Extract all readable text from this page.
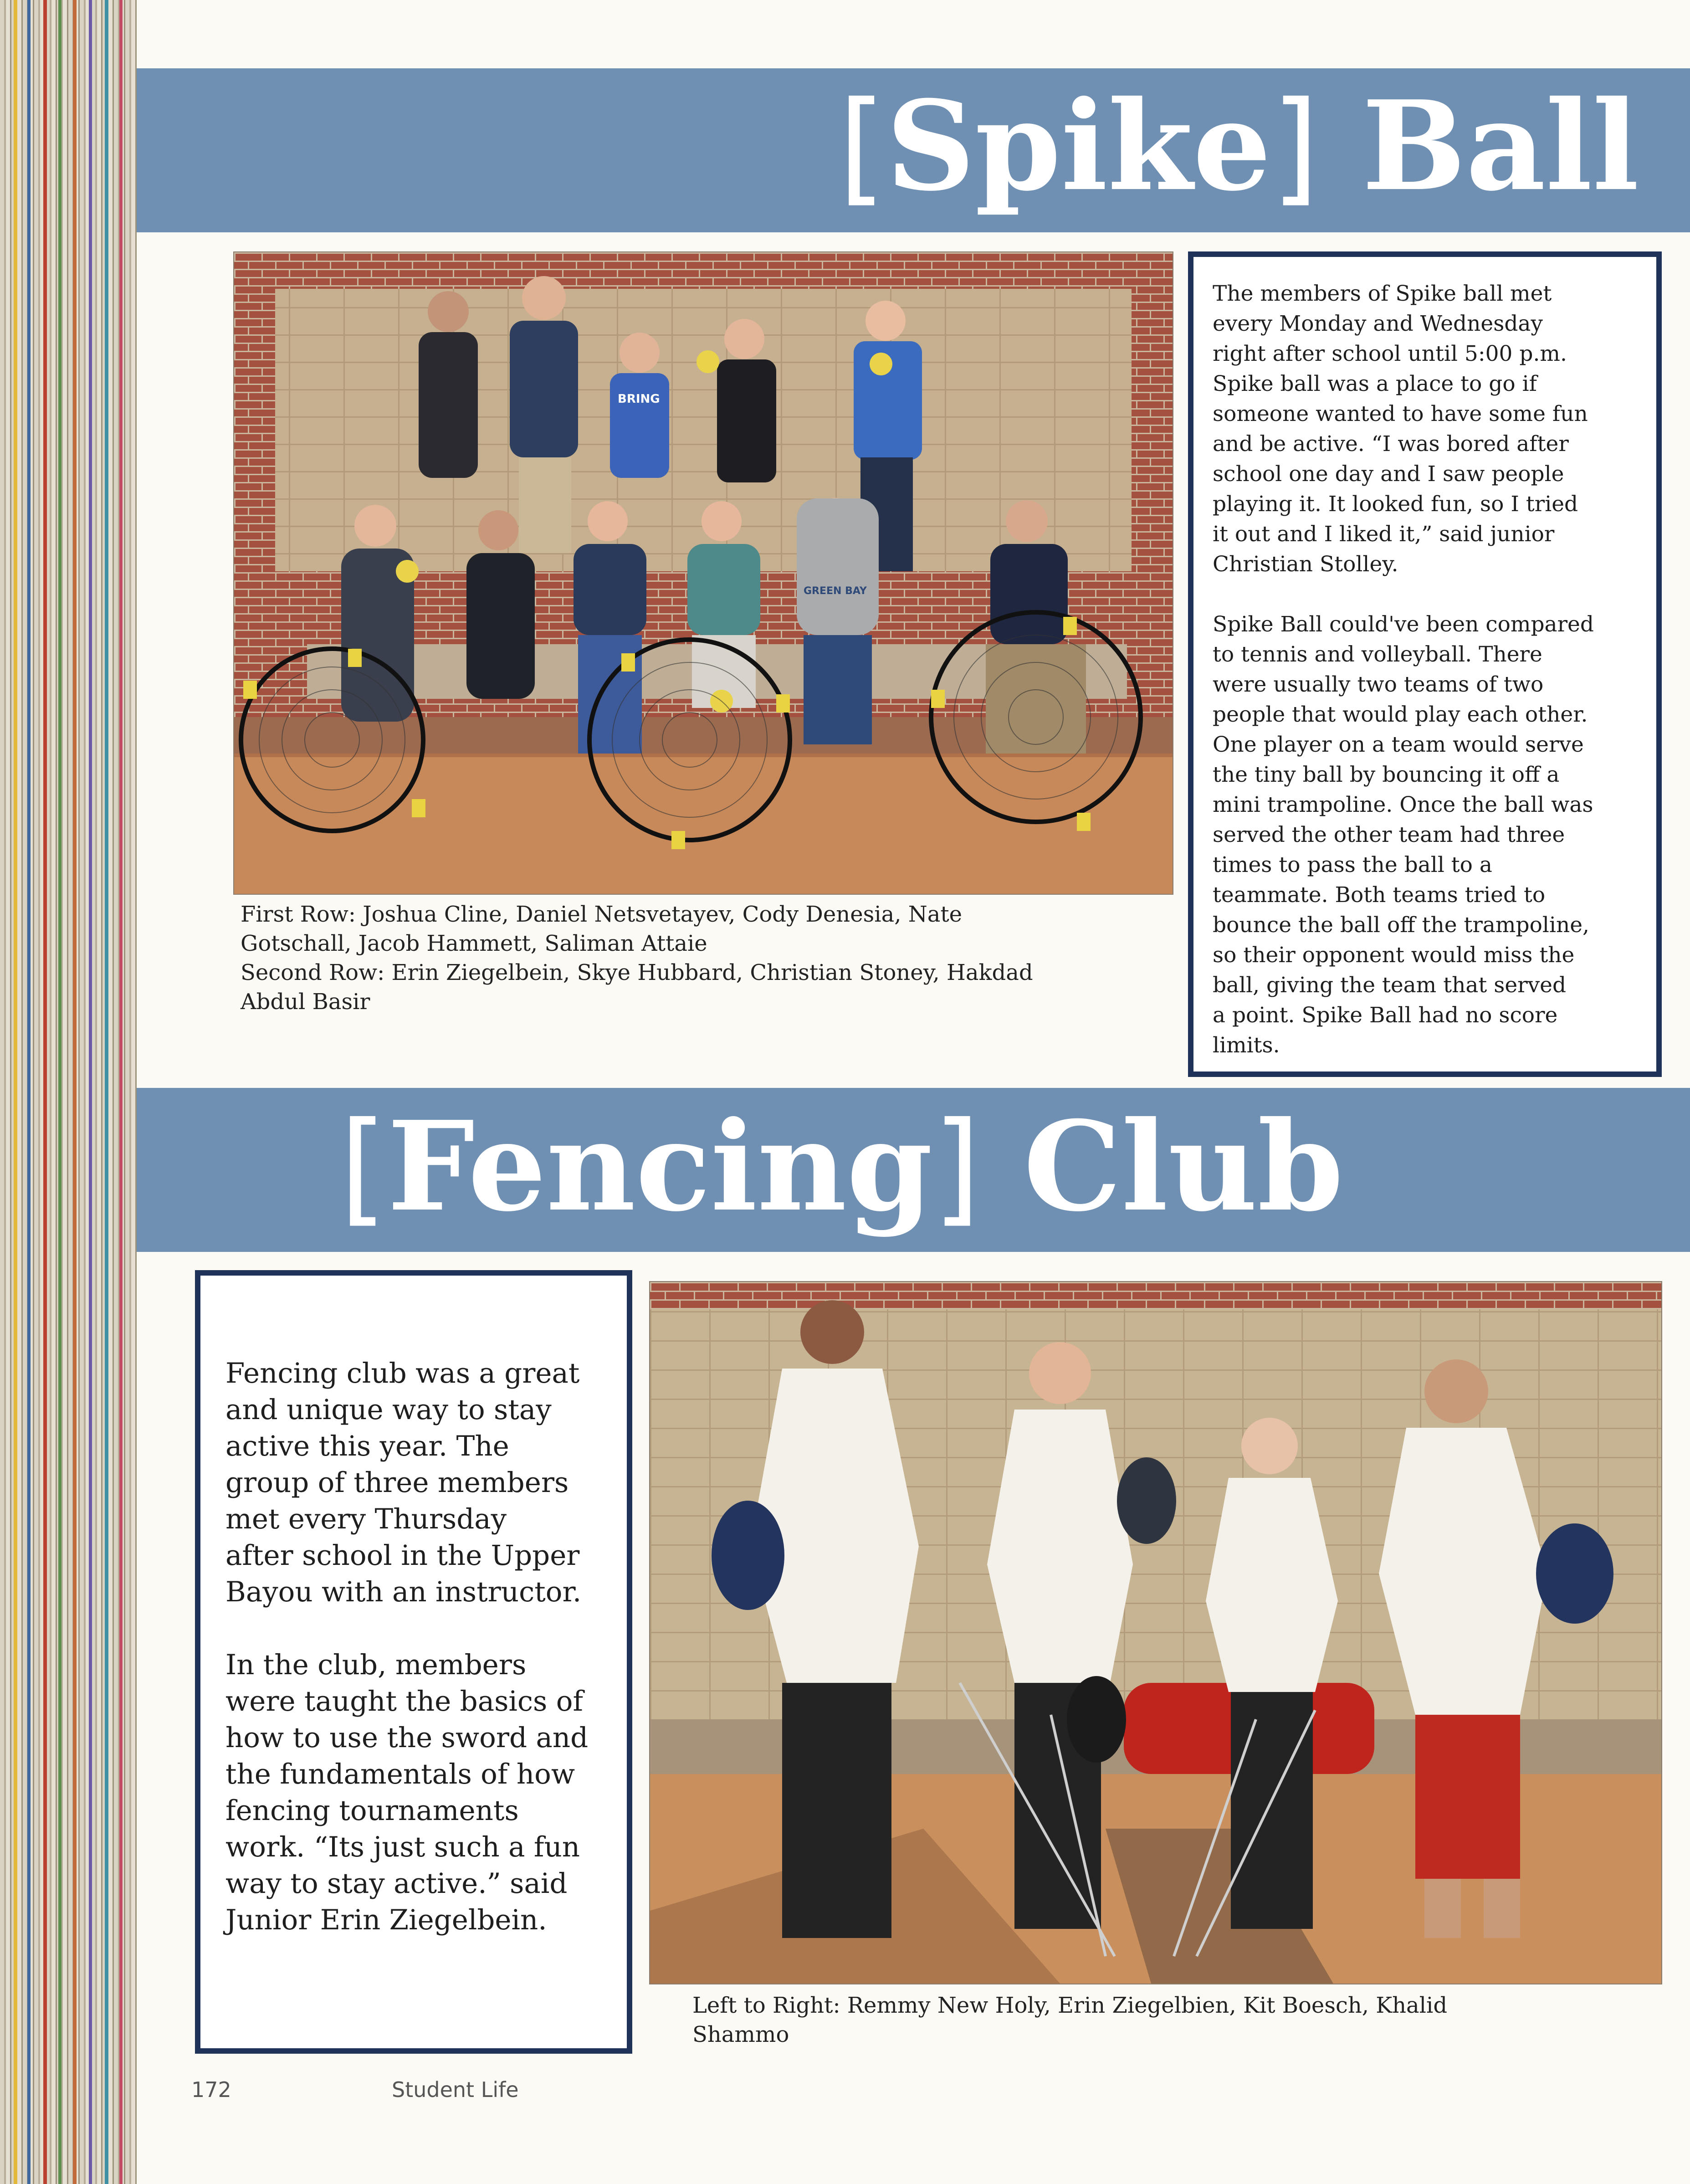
[Spike] Ball
BRING
GREEN BAY
First Row: Joshua Cline, Daniel Netsvetayev, Cody Denesia, Nate
Gotschall, Jacob Hammett, Saliman Attaie
Second Row: Erin Ziegelbein, Skye Hubbard, Christian Stoney, Hakdad
Abdul Basir

The members of Spike ball met
every Monday and Wednesday
right after school until 5:00 p.m.
Spike ball was a place to go if
someone wanted to have some fun
and be active. “I was bored after
school one day and I saw people
playing it. It looked fun, so I tried
it out and I liked it,” said junior
Christian Stolley.

Spike Ball could've been compared
to tennis and volleyball. There
were usually two teams of two
people that would play each other.
One player on a team would serve
the tiny ball by bouncing it off a
mini trampoline. Once the ball was
served the other team had three
times to pass the ball to a
teammate. Both teams tried to
bounce the ball off the trampoline,
so their opponent would miss the
ball, giving the team that served
a point. Spike Ball had no score
limits.

[Fencing] Club

Fencing club was a great
and unique way to stay
active this year. The
group of three members
met every Thursday
after school in the Upper
Bayou with an instructor.

In the club, members
were taught the basics of
how to use the sword and
the fundamentals of how
fencing tournaments
work. “Its just such a fun
way to stay active.” said
Junior Erin Ziegelbein.

Left to Right: Remmy New Holy, Erin Ziegelbien, Kit Boesch, Khalid
Shammo
172	Student Life
